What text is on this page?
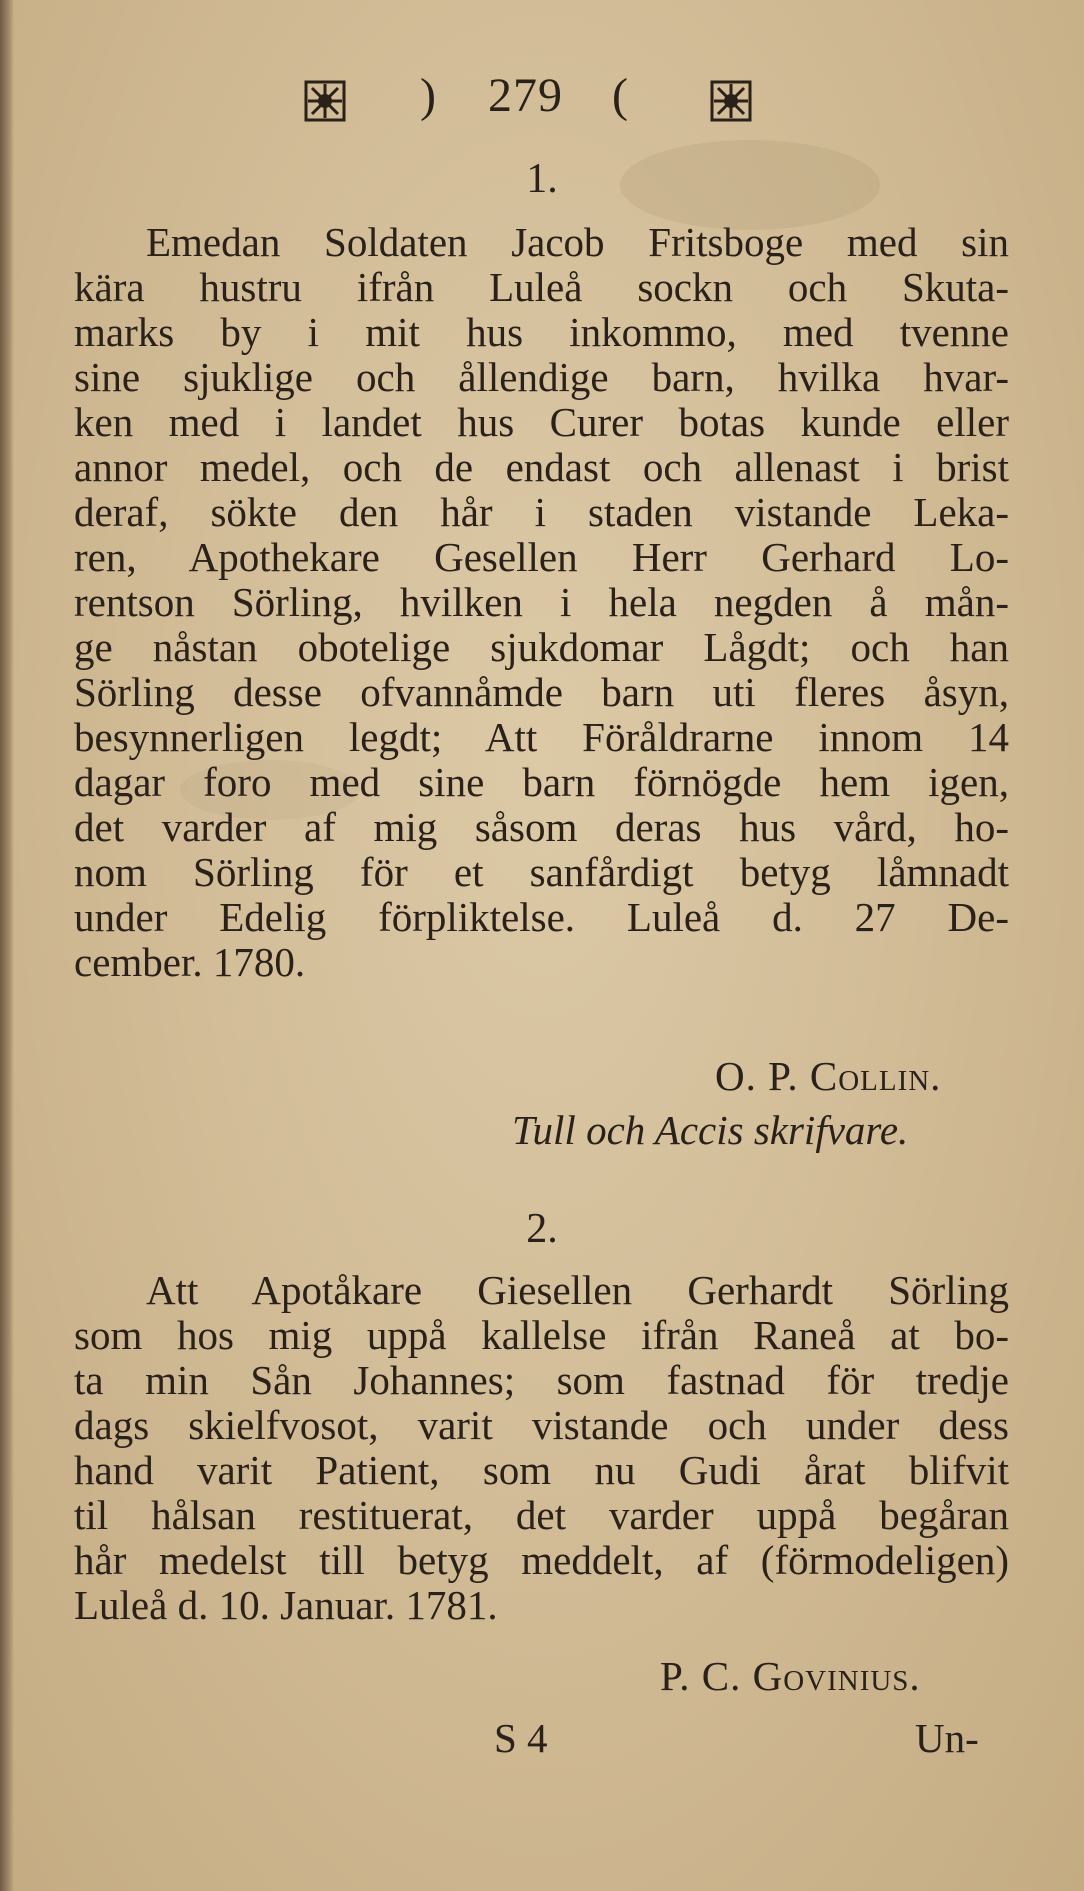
) 279 (
1.
Emedan Soldaten Jacob Fritsboge med sin
kära hustru ifrån Luleå sockn och Skuta-
marks by i mit hus inkommo, med tvenne
sine sjuklige och ållendige barn, hvilka hvar-
ken med i landet hus Curer botas kunde eller
annor medel, och de endast och allenast i brist
deraf, sökte den hår i staden vistande Leka-
ren, Apothekare Gesellen Herr Gerhard Lo-
rentson Sörling, hvilken i hela negden å mån-
ge nåstan obotelige sjukdomar Lågdt; och han
Sörling desse ofvannåmde barn uti fleres åsyn,
besynnerligen legdt; Att Föråldrarne innom 14
dagar foro med sine barn förnögde hem igen,
det varder af mig såsom deras hus vård, ho-
nom Sörling för et sanfårdigt betyg låmnadt
under Edelig förpliktelse. Luleå d. 27 De-
cember. 1780.
O. P. Collin.
Tull och Accis skrifvare.
2.
Att Apotåkare Giesellen Gerhardt Sörling
som hos mig uppå kallelse ifrån Raneå at bo-
ta min Sån Johannes; som fastnad för tredje
dags skielfvosot, varit vistande och under dess
hand varit Patient, som nu Gudi årat blifvit
til hålsan restituerat, det varder uppå begåran
hår medelst till betyg meddelt, af (förmodeligen)
Luleå d. 10. Januar. 1781.
P. C. Govinius.
S 4	Un-
